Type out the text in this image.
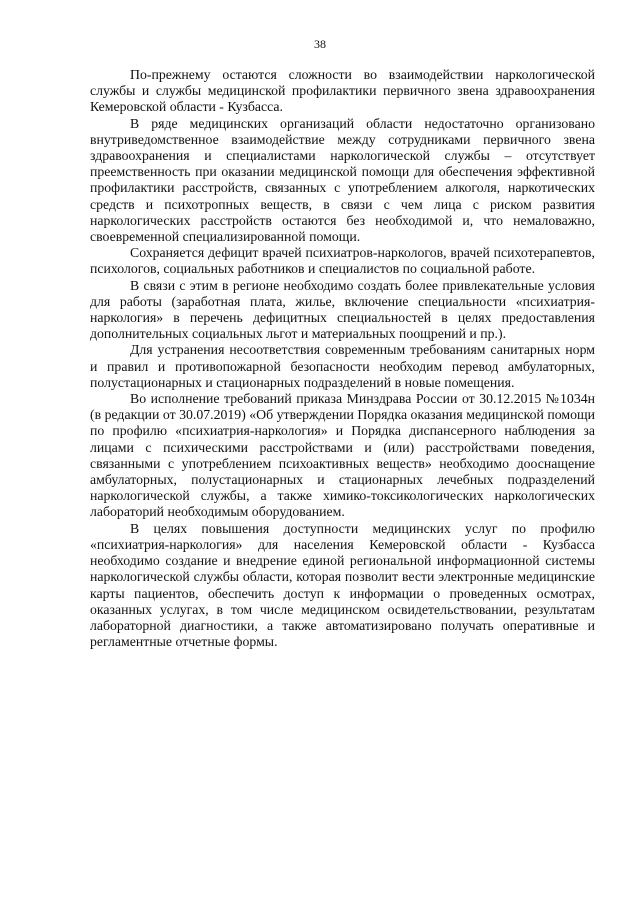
38

По-прежнему остаются сложности во взаимодействии наркологической службы и службы медицинской профилактики первичного звена здравоохранения Кемеровской области - Кузбасса.

В ряде медицинских организаций области недостаточно организовано внутриведомственное взаимодействие между сотрудниками первичного звена здравоохранения и специалистами наркологической службы – отсутствует преемственность при оказании медицинской помощи для обеспечения эффективной профилактики расстройств, связанных с употреблением алкоголя, наркотических средств и психотропных веществ, в связи с чем лица с риском развития наркологических расстройств остаются без необходимой и, что немаловажно, своевременной специализированной помощи.

Сохраняется дефицит врачей психиатров-наркологов, врачей психотерапевтов, психологов, социальных работников и специалистов по социальной работе.

В связи с этим в регионе необходимо создать более привлекательные условия для работы (заработная плата, жилье, включение специальности «психиатрия-наркология» в перечень дефицитных специальностей в целях предоставления дополнительных социальных льгот и материальных поощрений и пр.).

Для устранения несоответствия современным требованиям санитарных норм и правил и противопожарной безопасности необходим перевод амбулаторных, полустационарных и стационарных подразделений в новые помещения.

Во исполнение требований приказа Минздрава России от 30.12.2015 №1034н (в редакции от 30.07.2019) «Об утверждении Порядка оказания медицинской помощи по профилю «психиатрия-наркология» и Порядка диспансерного наблюдения за лицами с психическими расстройствами и (или) расстройствами поведения, связанными с употреблением психоактивных веществ» необходимо дооснащение амбулаторных, полустационарных и стационарных лечебных подразделений наркологической службы, а также химико-токсикологических наркологических лабораторий необходимым оборудованием.

В целях повышения доступности медицинских услуг по профилю «психиатрия-наркология» для населения Кемеровской области - Кузбасса необходимо создание и внедрение единой региональной информационной системы наркологической службы области, которая позволит вести электронные медицинские карты пациентов, обеспечить доступ к информации о проведенных осмотрах, оказанных услугах, в том числе медицинском освидетельствовании, результатам лабораторной диагностики, а также автоматизировано получать оперативные и регламентные отчетные формы.
